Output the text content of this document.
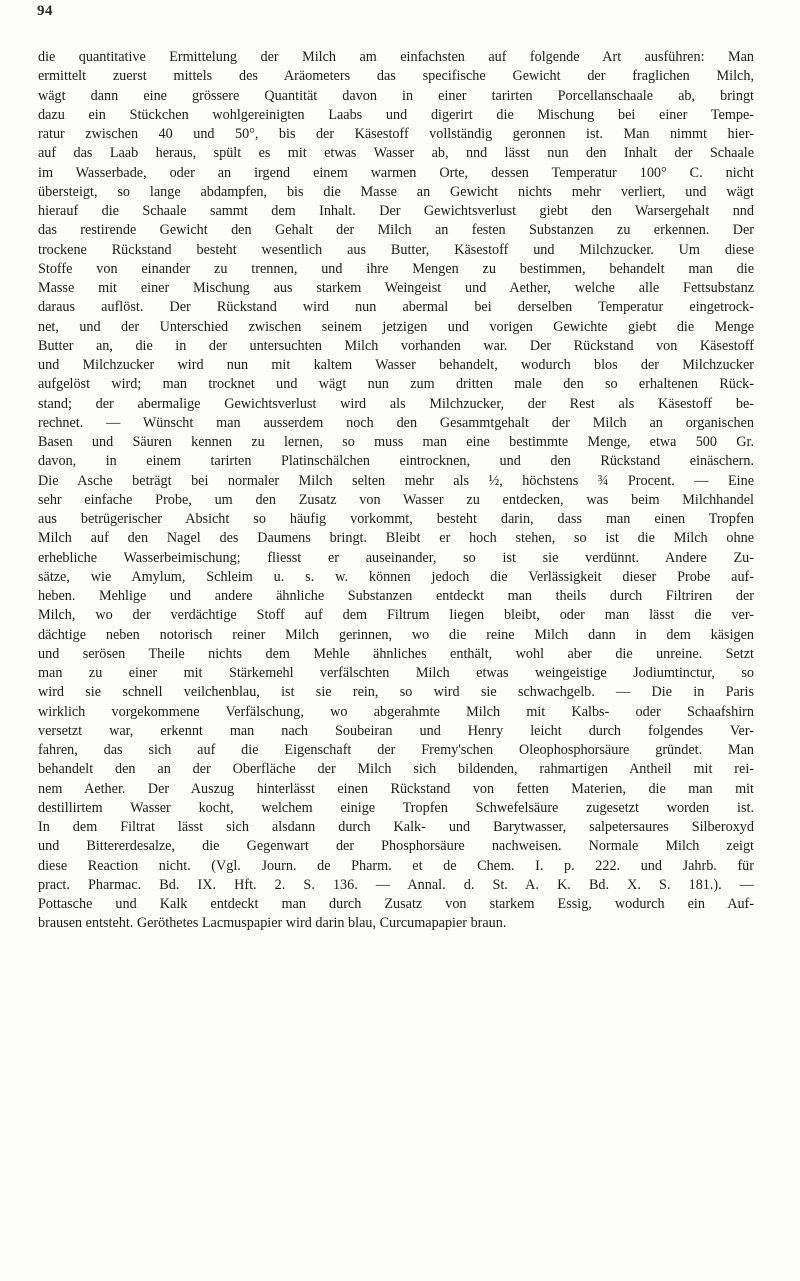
94
die quantitative Ermittelung der Milch am einfachsten auf folgende Art ausführen: Man
ermittelt zuerst mittels des Aräometers das specifische Gewicht der fraglichen Milch,
wägt dann eine grössere Quantität davon in einer tarirten Porcellanschaale ab, bringt
dazu ein Stückchen wohlgereinigten Laabs und digerirt die Mischung bei einer Tempe-
ratur zwischen 40 und 50°, bis der Käsestoff vollständig geronnen ist. Man nimmt hier-
auf das Laab heraus, spült es mit etwas Wasser ab, nnd lässt nun den Inhalt der Schaale
im Wasserbade, oder an irgend einem warmen Orte, dessen Temperatur 100° C. nicht
übersteigt, so lange abdampfen, bis die Masse an Gewicht nichts mehr verliert, und wägt
hierauf die Schaale sammt dem Inhalt. Der Gewichtsverlust giebt den Warsergehalt nnd
das restirende Gewicht den Gehalt der Milch an festen Substanzen zu erkennen. Der
trockene Rückstand besteht wesentlich aus Butter, Käsestoff und Milchzucker. Um diese
Stoffe von einander zu trennen, und ihre Mengen zu bestimmen, behandelt man die
Masse mit einer Mischung aus starkem Weingeist und Aether, welche alle Fettsubstanz
daraus auflöst. Der Rückstand wird nun abermal bei derselben Temperatur eingetrock-
net, und der Unterschied zwischen seinem jetzigen und vorigen Gewichte giebt die Menge
Butter an, die in der untersuchten Milch vorhanden war. Der Rückstand von Käsestoff
und Milchzucker wird nun mit kaltem Wasser behandelt, wodurch blos der Milchzucker
aufgelöst wird; man trocknet und wägt nun zum dritten male den so erhaltenen Rück-
stand; der abermalige Gewichtsverlust wird als Milchzucker, der Rest als Käsestoff be-
rechnet. — Wünscht man ausserdem noch den Gesammtgehalt der Milch an organischen
Basen und Säuren kennen zu lernen, so muss man eine bestimmte Menge, etwa 500 Gr.
davon, in einem tarirten Platinschälchen eintrocknen, und den Rückstand einäschern.
Die Asche beträgt bei normaler Milch selten mehr als ½, höchstens ¾ Procent. — Eine
sehr einfache Probe, um den Zusatz von Wasser zu entdecken, was beim Milchhandel
aus betrügerischer Absicht so häufig vorkommt, besteht darin, dass man einen Tropfen
Milch auf den Nagel des Daumens bringt. Bleibt er hoch stehen, so ist die Milch ohne
erhebliche Wasserbeimischung; fliesst er auseinander, so ist sie verdünnt. Andere Zu-
sätze, wie Amylum, Schleim u. s. w. können jedoch die Verlässigkeit dieser Probe auf-
heben. Mehlige und andere ähnliche Substanzen entdeckt man theils durch Filtriren der
Milch, wo der verdächtige Stoff auf dem Filtrum liegen bleibt, oder man lässt die ver-
dächtige neben notorisch reiner Milch gerinnen, wo die reine Milch dann in dem käsigen
und serösen Theile nichts dem Mehle ähnliches enthält, wohl aber die unreine. Setzt
man zu einer mit Stärkemehl verfälschten Milch etwas weingeistige Jodiumtinctur, so
wird sie schnell veilchenblau, ist sie rein, so wird sie schwachgelb. — Die in Paris
wirklich vorgekommene Verfälschung, wo abgerahmte Milch mit Kalbs- oder Schaafshirn
versetzt war, erkennt man nach Soubeiran und Henry leicht durch folgendes Ver-
fahren, das sich auf die Eigenschaft der Fremy'schen Oleophosphorsäure gründet. Man
behandelt den an der Oberfläche der Milch sich bildenden, rahmartigen Antheil mit rei-
nem Aether. Der Auszug hinterlässt einen Rückstand von fetten Materien, die man mit
destillirtem Wasser kocht, welchem einige Tropfen Schwefelsäure zugesetzt worden ist.
In dem Filtrat lässt sich alsdann durch Kalk- und Barytwasser, salpetersaures Silberoxyd
und Bittererdesalze, die Gegenwart der Phosphorsäure nachweisen. Normale Milch zeigt
diese Reaction nicht. (Vgl. Journ. de Pharm. et de Chem. I. p. 222. und Jahrb. für
pract. Pharmac. Bd. IX. Hft. 2. S. 136. — Annal. d. St. A. K. Bd. X. S. 181.). —
Pottasche und Kalk entdeckt man durch Zusatz von starkem Essig, wodurch ein Auf-
brausen entsteht. Geröthetes Lacmuspapier wird darin blau, Curcumapapier braun.
